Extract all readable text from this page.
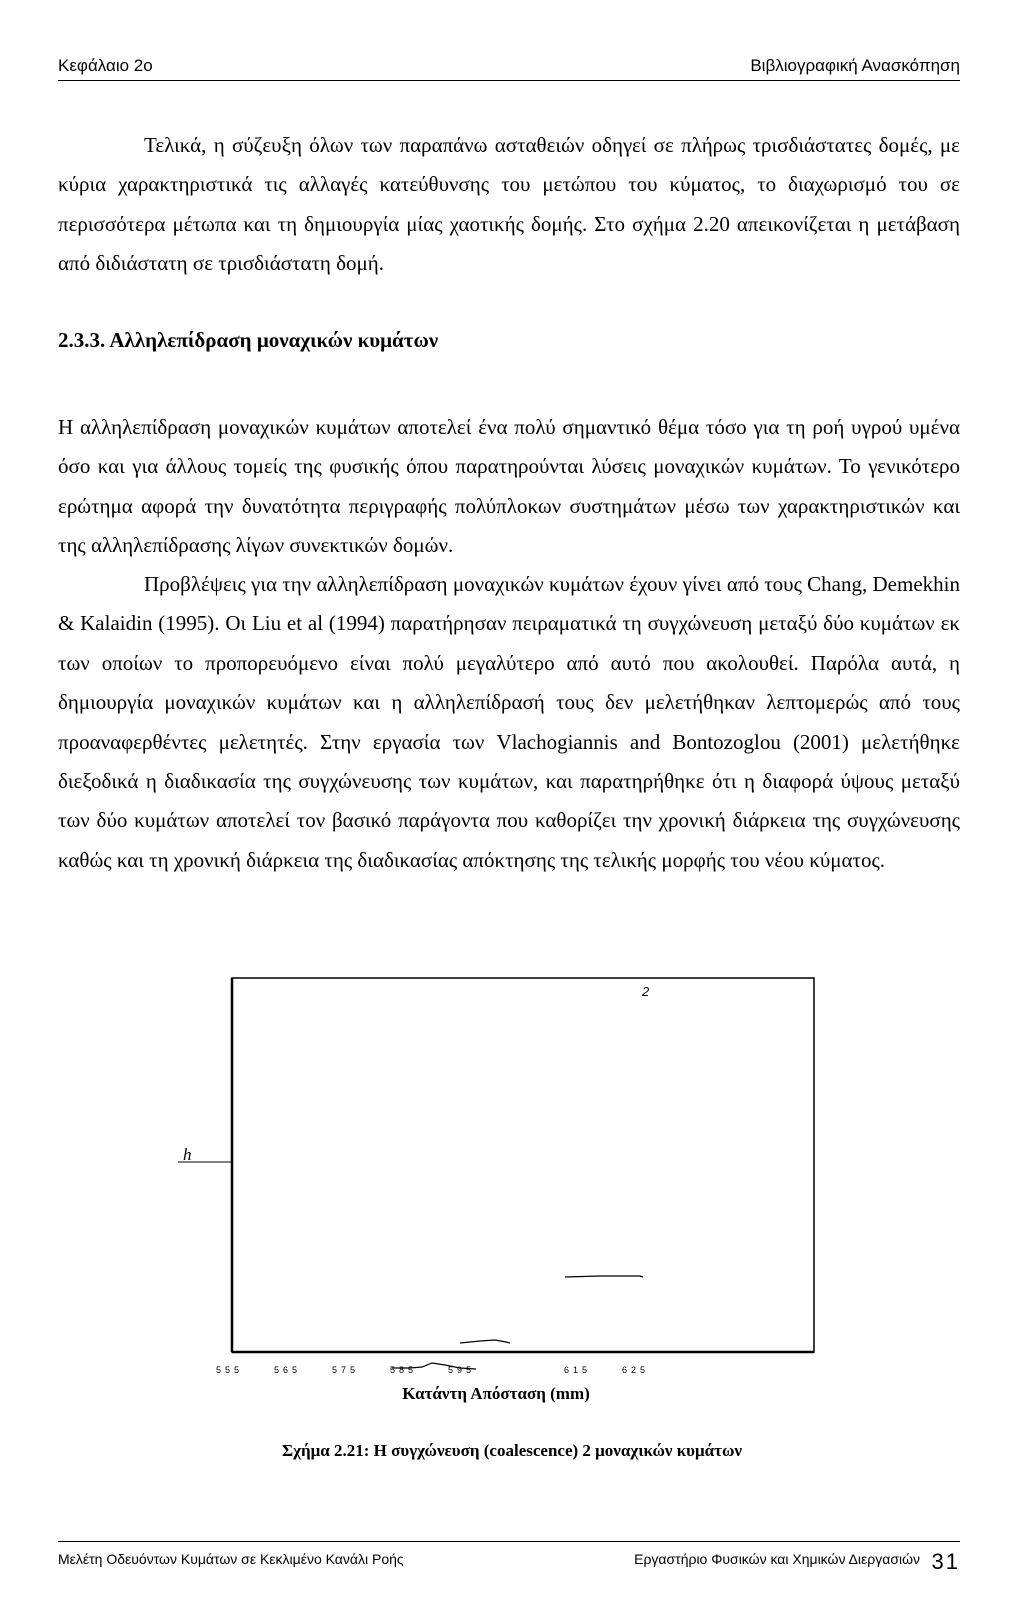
Κεφάλαιο 2ο	Βιβλιογραφική Ανασκόπηση

Τελικά, η σύζευξη όλων των παραπάνω ασταθειών οδηγεί σε πλήρως τρισδιάστατες δομές, με κύρια χαρακτηριστικά τις αλλαγές κατεύθυνσης του μετώπου του κύματος, το διαχωρισμό του σε περισσότερα μέτωπα και τη δημιουργία μίας χαοτικής δομής. Στο σχήμα 2.20 απεικονίζεται η μετάβαση από διδιάστατη σε τρισδιάστατη δομή.

2.3.3. Αλληλεπίδραση μοναχικών κυμάτων

Η αλληλεπίδραση μοναχικών κυμάτων αποτελεί ένα πολύ σημαντικό θέμα τόσο για τη ροή υγρού υμένα όσο και για άλλους τομείς της φυσικής όπου παρατηρούνται λύσεις μοναχικών κυμάτων. Το γενικότερο ερώτημα αφορά την δυνατότητα περιγραφής πολύπλοκων συστημάτων μέσω των χαρακτηριστικών και της αλληλεπίδρασης λίγων συνεκτικών δομών.

Προβλέψεις για την αλληλεπίδραση μοναχικών κυμάτων έχουν γίνει από τους Chang, Demekhin & Kalaidin (1995). Οι Liu et al (1994) παρατήρησαν πειραματικά τη συγχώνευση μεταξύ δύο κυμάτων εκ των οποίων το προπορευόμενο είναι πολύ μεγαλύτερο από αυτό που ακολουθεί. Παρόλα αυτά, η δημιουργία μοναχικών κυμάτων και η αλληλεπίδρασή τους δεν μελετήθηκαν λεπτομερώς από τους προαναφερθέντες μελετητές. Στην εργασία των Vlachogiannis and Bontozoglou (2001) μελετήθηκε διεξοδικά η διαδικασία της συγχώνευσης των κυμάτων, και παρατηρήθηκε ότι η διαφορά ύψους μεταξύ των δύο κυμάτων αποτελεί τον βασικό παράγοντα που καθορίζει την χρονική διάρκεια της συγχώνευσης καθώς και τη χρονική διάρκεια της διαδικασίας απόκτησης της τελικής μορφής του νέου κύματος.

h
2
555	565	575	585	595	615	625
Κατάντη Απόσταση (mm)
Σχήμα 2.21: Η συγχώνευση (coalescence) 2 μοναχικών κυμάτων
Μελέτη Οδευόντων Κυμάτων σε Κεκλιμένο Κανάλι Ροής	Εργαστήριο Φυσικών και Χημικών Διεργασιών 31
